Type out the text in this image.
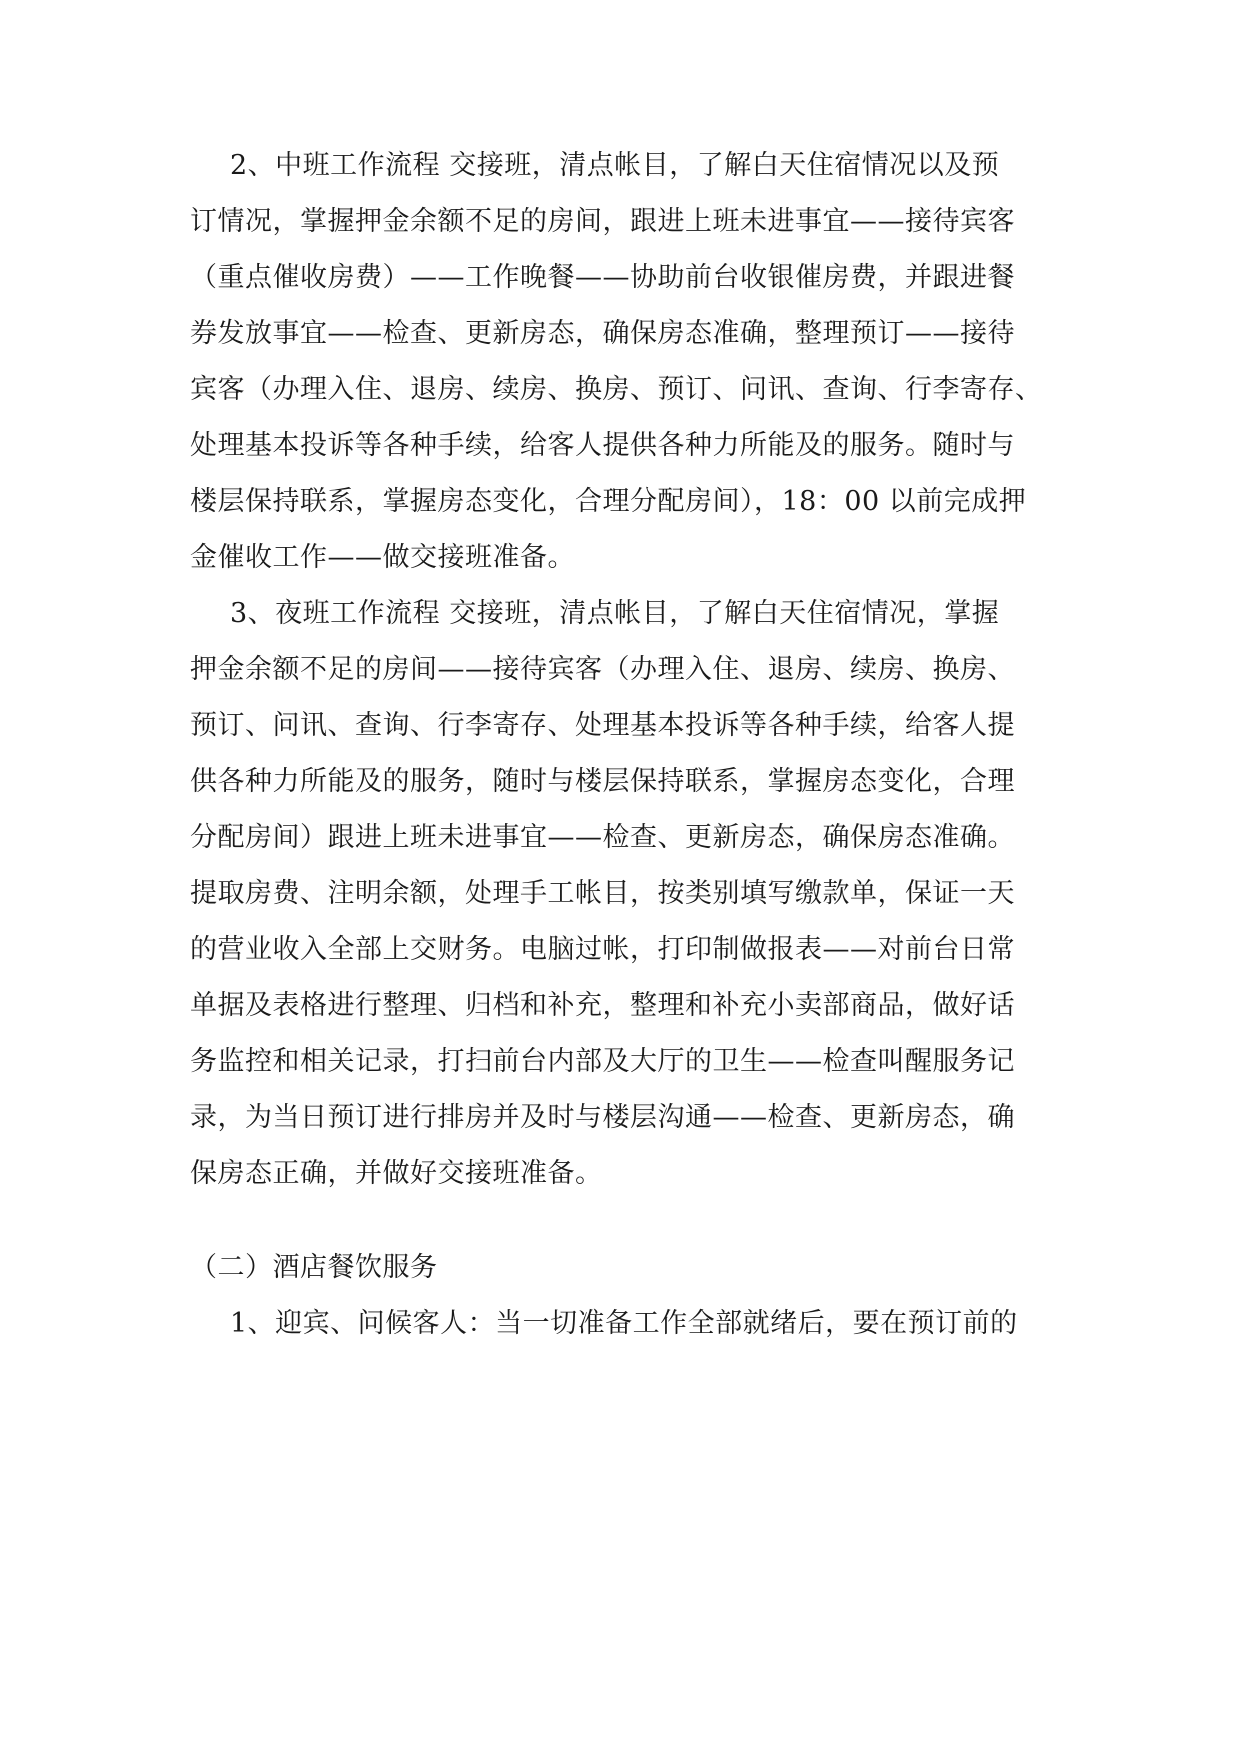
2、中班工作流程 交接班，清点帐目，了解白天住宿情况以及预
订情况，掌握押金余额不足的房间，跟进上班未进事宜——接待宾客
（重点催收房费）——工作晚餐——协助前台收银催房费，并跟进餐
券发放事宜——检查、更新房态，确保房态准确，整理预订——接待
宾客（办理入住、退房、续房、换房、预订、问讯、查询、行李寄存、
处理基本投诉等各种手续，给客人提供各种力所能及的服务。随时与
楼层保持联系，掌握房态变化，合理分配房间），18：00 以前完成押
金催收工作——做交接班准备。
3、夜班工作流程 交接班，清点帐目，了解白天住宿情况，掌握
押金余额不足的房间——接待宾客（办理入住、退房、续房、换房、
预订、问讯、查询、行李寄存、处理基本投诉等各种手续，给客人提
供各种力所能及的服务，随时与楼层保持联系，掌握房态变化，合理
分配房间）跟进上班未进事宜——检查、更新房态，确保房态准确。
提取房费、注明余额，处理手工帐目，按类别填写缴款单，保证一天
的营业收入全部上交财务。电脑过帐，打印制做报表——对前台日常
单据及表格进行整理、归档和补充，整理和补充小卖部商品，做好话
务监控和相关记录，打扫前台内部及大厅的卫生——检查叫醒服务记
录，为当日预订进行排房并及时与楼层沟通——检查、更新房态，确
保房态正确，并做好交接班准备。
（二）酒店餐饮服务
1、迎宾、问候客人：当一切准备工作全部就绪后，要在预订前的
